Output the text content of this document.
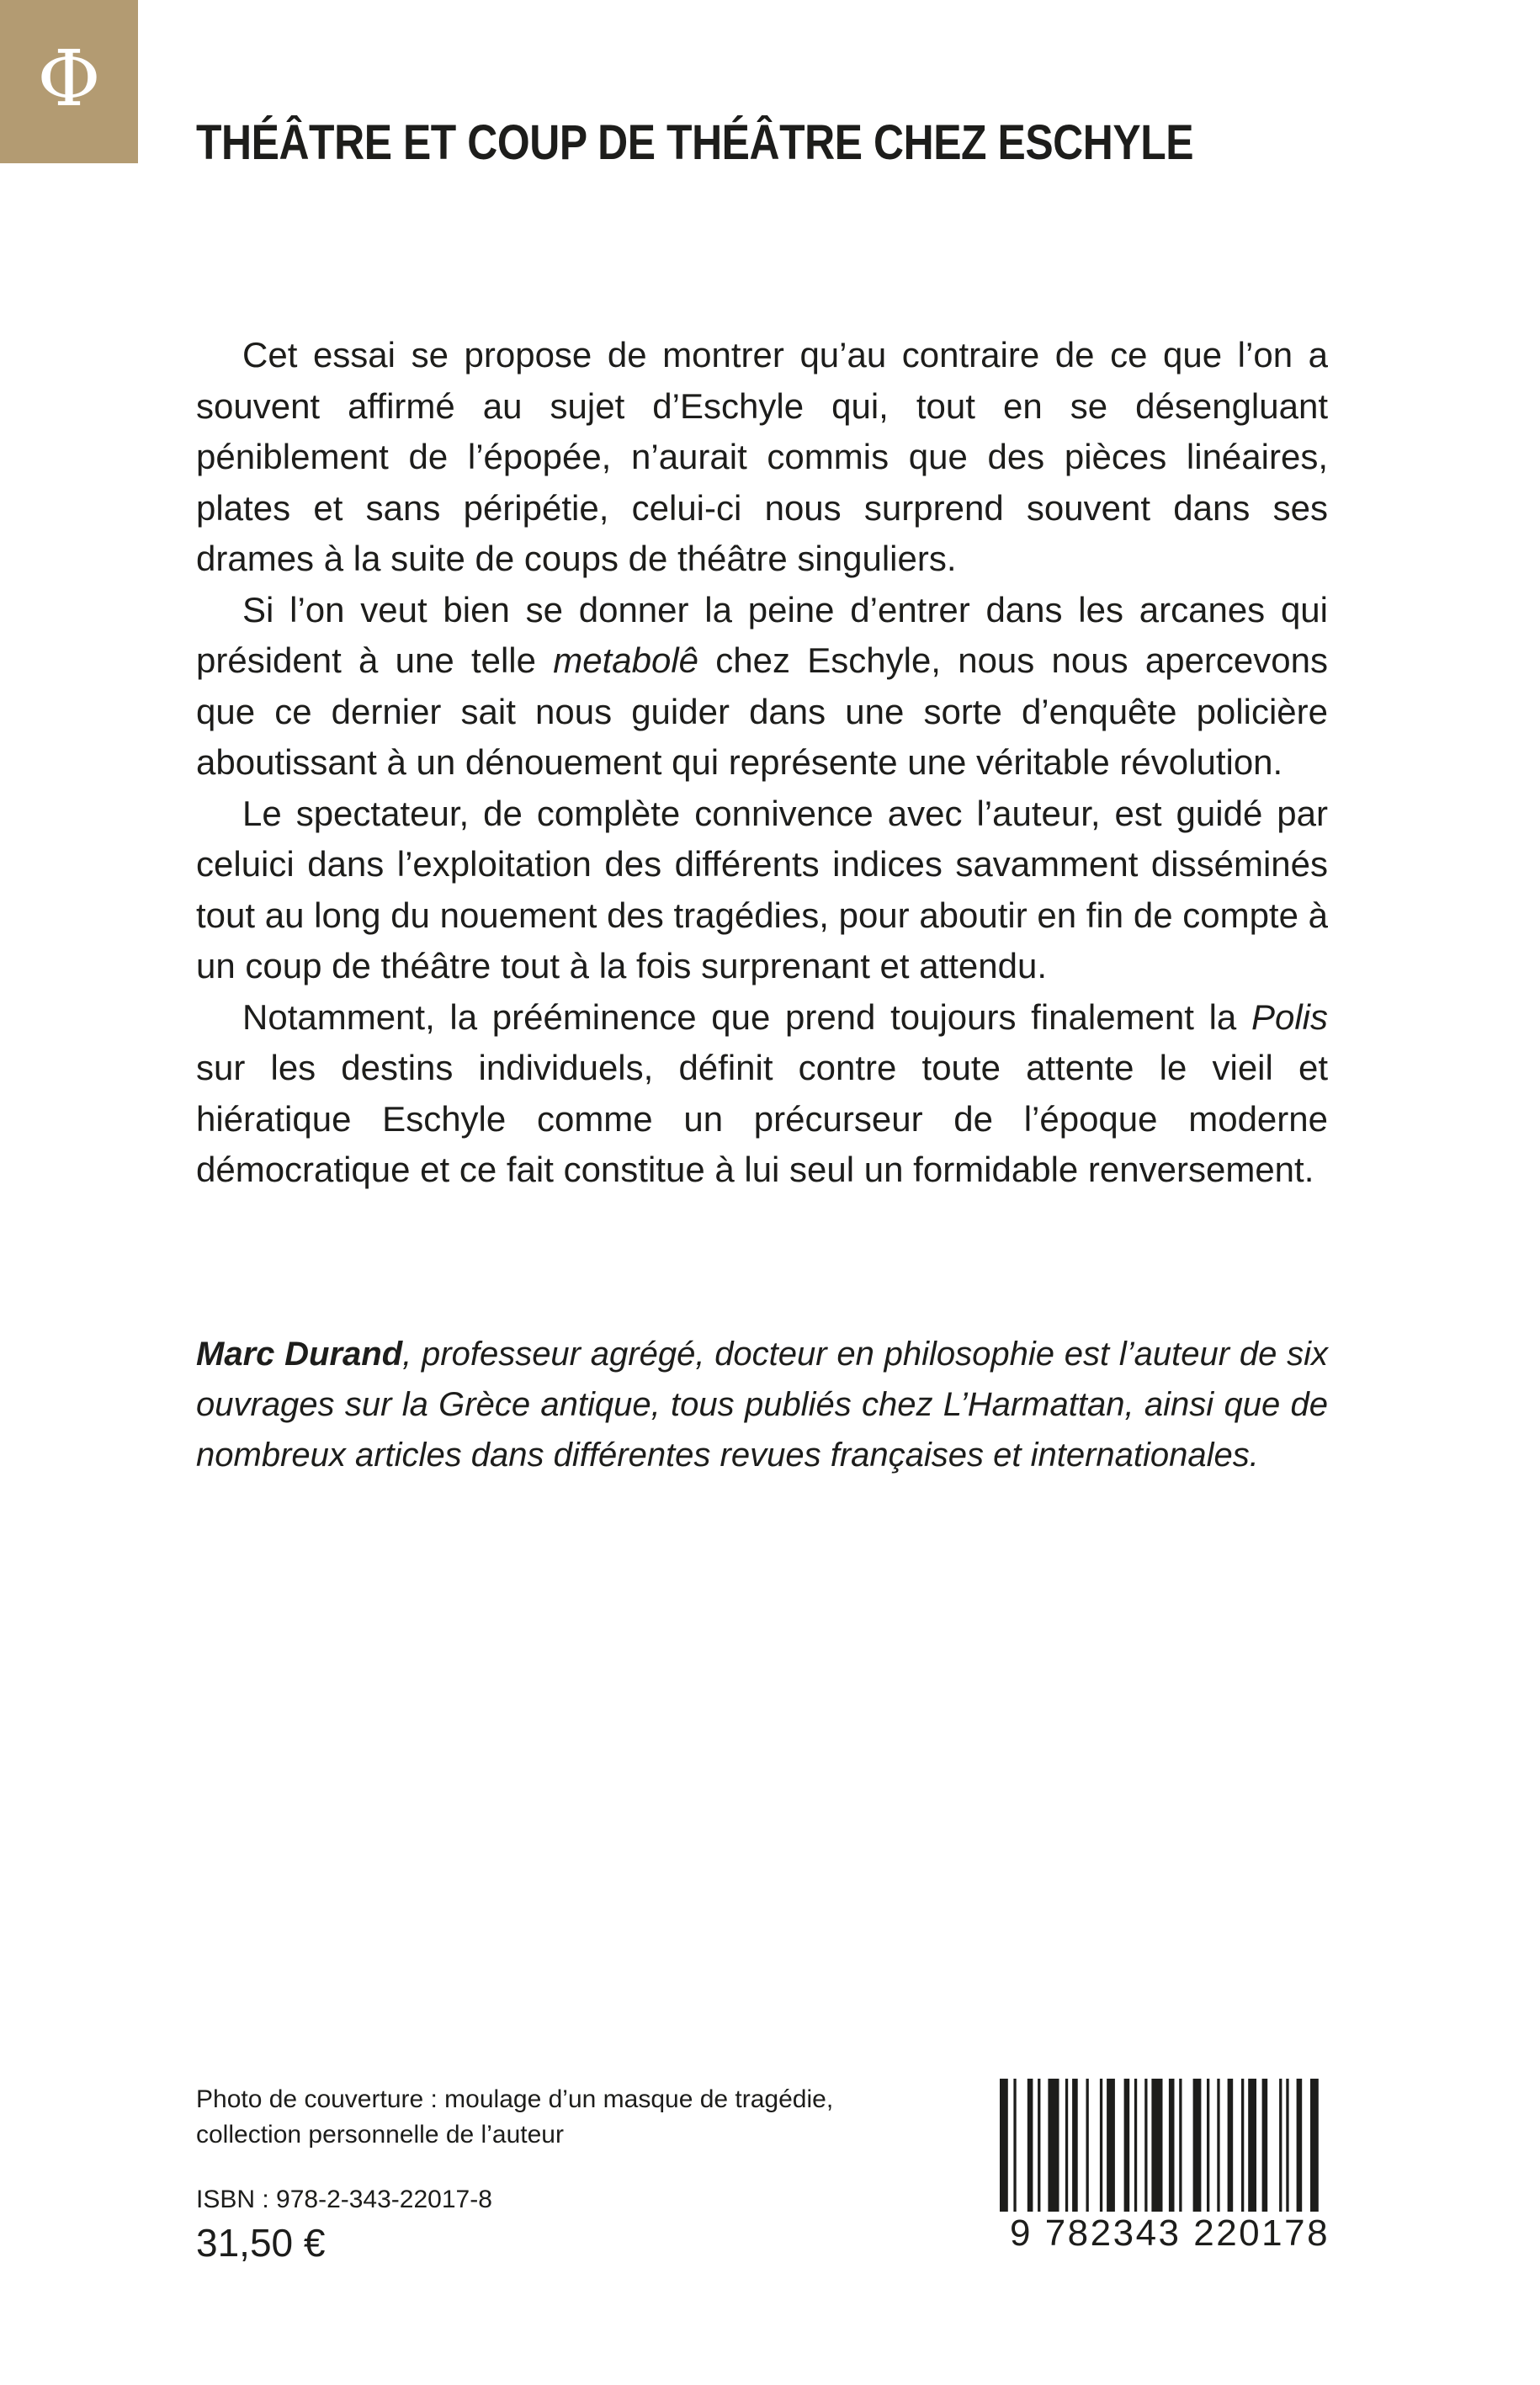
Φ
THÉÂTRE ET COUP DE THÉÂTRE CHEZ ESCHYLE

Cet essai se propose de montrer qu’au contraire de ce que l’on a souvent affirmé au sujet d’Eschyle qui, tout en se désengluant péniblement de l’épopée, n’aurait commis que des pièces linéaires, plates et sans péripétie, celui-ci nous surprend souvent dans ses drames à la suite de coups de théâtre singuliers.

Si l’on veut bien se donner la peine d’entrer dans les arcanes qui président à une telle metabolê chez Eschyle, nous nous apercevons que ce dernier sait nous guider dans une sorte d’enquête policière aboutissant à un dénouement qui représente une véritable révolution.

Le spectateur, de complète connivence avec l’auteur, est guidé par celuici dans l’exploitation des différents indices savamment disséminés tout au long du nouement des tragédies, pour aboutir en fin de compte à un coup de théâtre tout à la fois surprenant et attendu.

Notamment, la prééminence que prend toujours finalement la Polis sur les destins individuels, définit contre toute attente le vieil et hiératique Eschyle comme un précurseur de l’époque moderne démocratique et ce fait constitue à lui seul un formidable renversement.

Marc Durand, professeur agrégé, docteur en philosophie est l’auteur de six ouvrages sur la Grèce antique, tous publiés chez L’Harmattan, ainsi que de nombreux articles dans différentes revues françaises et internationales.
Photo de couverture : moulage d’un masque de tragédie,
collection personnelle de l’auteur
ISBN : 978-2-343-22017-8
31,50 €	9 782343 220178
